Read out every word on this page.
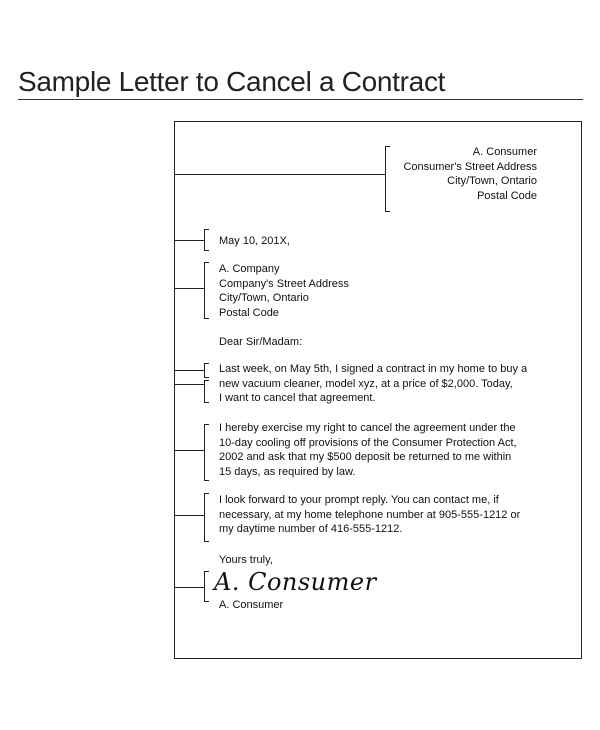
Sample Letter to Cancel a Contract
A. Consumer
Consumer's Street Address
City/Town, Ontario
Postal Code
May 10, 201X,
A. Company
Company's Street Address
City/Town, Ontario
Postal Code
Dear Sir/Madam:
Last week, on May 5th, I signed a contract in my home to buy a
new vacuum cleaner, model xyz, at a price of $2,000. Today,
I want to cancel that agreement.
I hereby exercise my right to cancel the agreement under the
10-day cooling off provisions of the Consumer Protection Act,
2002 and ask that my $500 deposit be returned to me within
15 days, as required by law.
I look forward to your prompt reply. You can contact me, if
necessary, at my home telephone number at 905-555-1212 or
my daytime number of 416-555-1212.
Yours truly,
A. Consumer
A. Consumer
